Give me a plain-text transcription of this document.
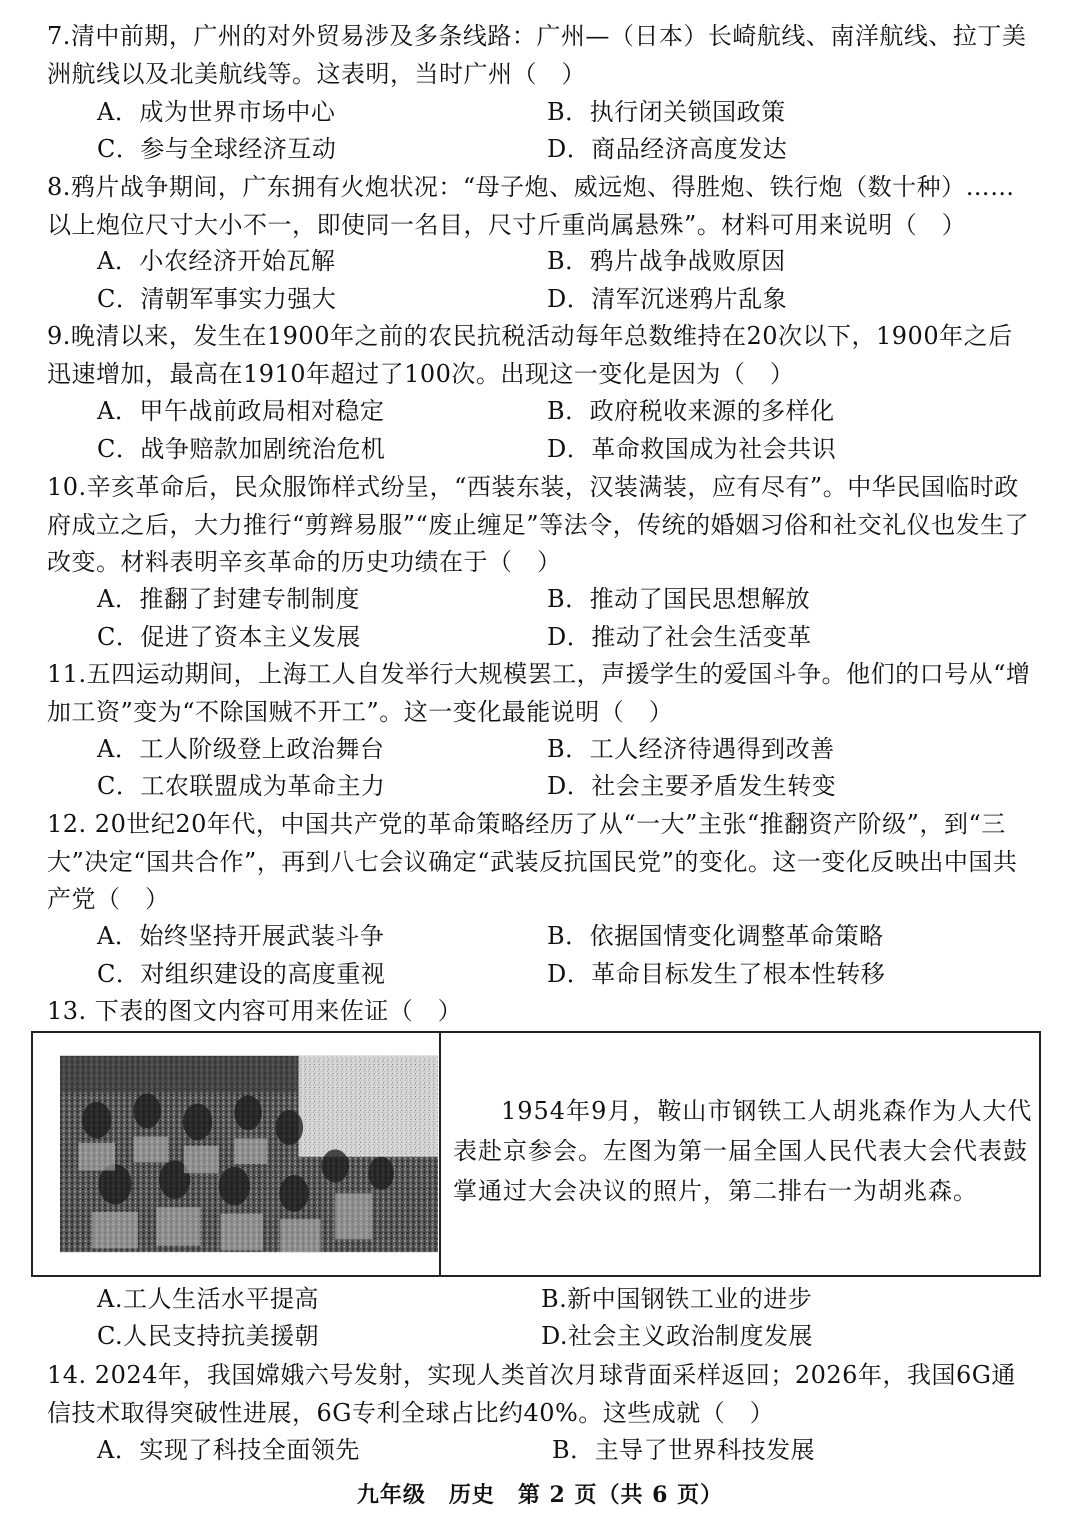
7.清中前期，广州的对外贸易涉及多条线路：广州—（日本）长崎航线、南洋航线、拉丁美洲航线以及北美航线等。这表明，当时广州（　）

A．成为世界市场中心	B．执行闭关锁国政策
C．参与全球经济互动	D．商品经济高度发达

8.鸦片战争期间，广东拥有火炮状况：“母子炮、威远炮、得胜炮、铁行炮（数十种）……以上炮位尺寸大小不一，即使同一名目，尺寸斤重尚属悬殊”。材料可用来说明（　）

A．小农经济开始瓦解	B．鸦片战争战败原因
C．清朝军事实力强大	D．清军沉迷鸦片乱象

9.晚清以来，发生在1900年之前的农民抗税活动每年总数维持在20次以下，1900年之后迅速增加，最高在1910年超过了100次。出现这一变化是因为（　）

A．甲午战前政局相对稳定	B．政府税收来源的多样化
C．战争赔款加剧统治危机	D．革命救国成为社会共识

10.辛亥革命后，民众服饰样式纷呈，“西装东装，汉装满装，应有尽有”。中华民国临时政府成立之后，大力推行“剪辫易服”“废止缠足”等法令，传统的婚姻习俗和社交礼仪也发生了改变。材料表明辛亥革命的历史功绩在于（　）

A．推翻了封建专制制度	B．推动了国民思想解放
C．促进了资本主义发展	D．推动了社会生活变革

11.五四运动期间，上海工人自发举行大规模罢工，声援学生的爱国斗争。他们的口号从“增加工资”变为“不除国贼不开工”。这一变化最能说明（　）

A．工人阶级登上政治舞台	B．工人经济待遇得到改善
C．工农联盟成为革命主力	D．社会主要矛盾发生转变

12. 20世纪20年代，中国共产党的革命策略经历了从“一大”主张“推翻资产阶级”，到“三大”决定“国共合作”，再到八七会议确定“武装反抗国民党”的变化。这一变化反映出中国共产党（　）

A．始终坚持开展武装斗争	B．依据国情变化调整革命策略
C．对组织建设的高度重视	D．革命目标发生了根本性转移

13. 下表的图文内容可用来佐证（　）

1954年9月，鞍山市钢铁工人胡兆森作为人大代表赴京参会。左图为第一届全国人民代表大会代表鼓掌通过大会决议的照片，第二排右一为胡兆森。

A.工人生活水平提高	B.新中国钢铁工业的进步
C.人民支持抗美援朝	D.社会主义政治制度发展

14. 2024年，我国嫦娥六号发射，实现人类首次月球背面采样返回；2026年，我国6G通信技术取得突破性进展，6G专利全球占比约40%。这些成就（　）

A．实现了科技全面领先	B．主导了世界科技发展
九年级　历史　第 2 页（共 6 页）
